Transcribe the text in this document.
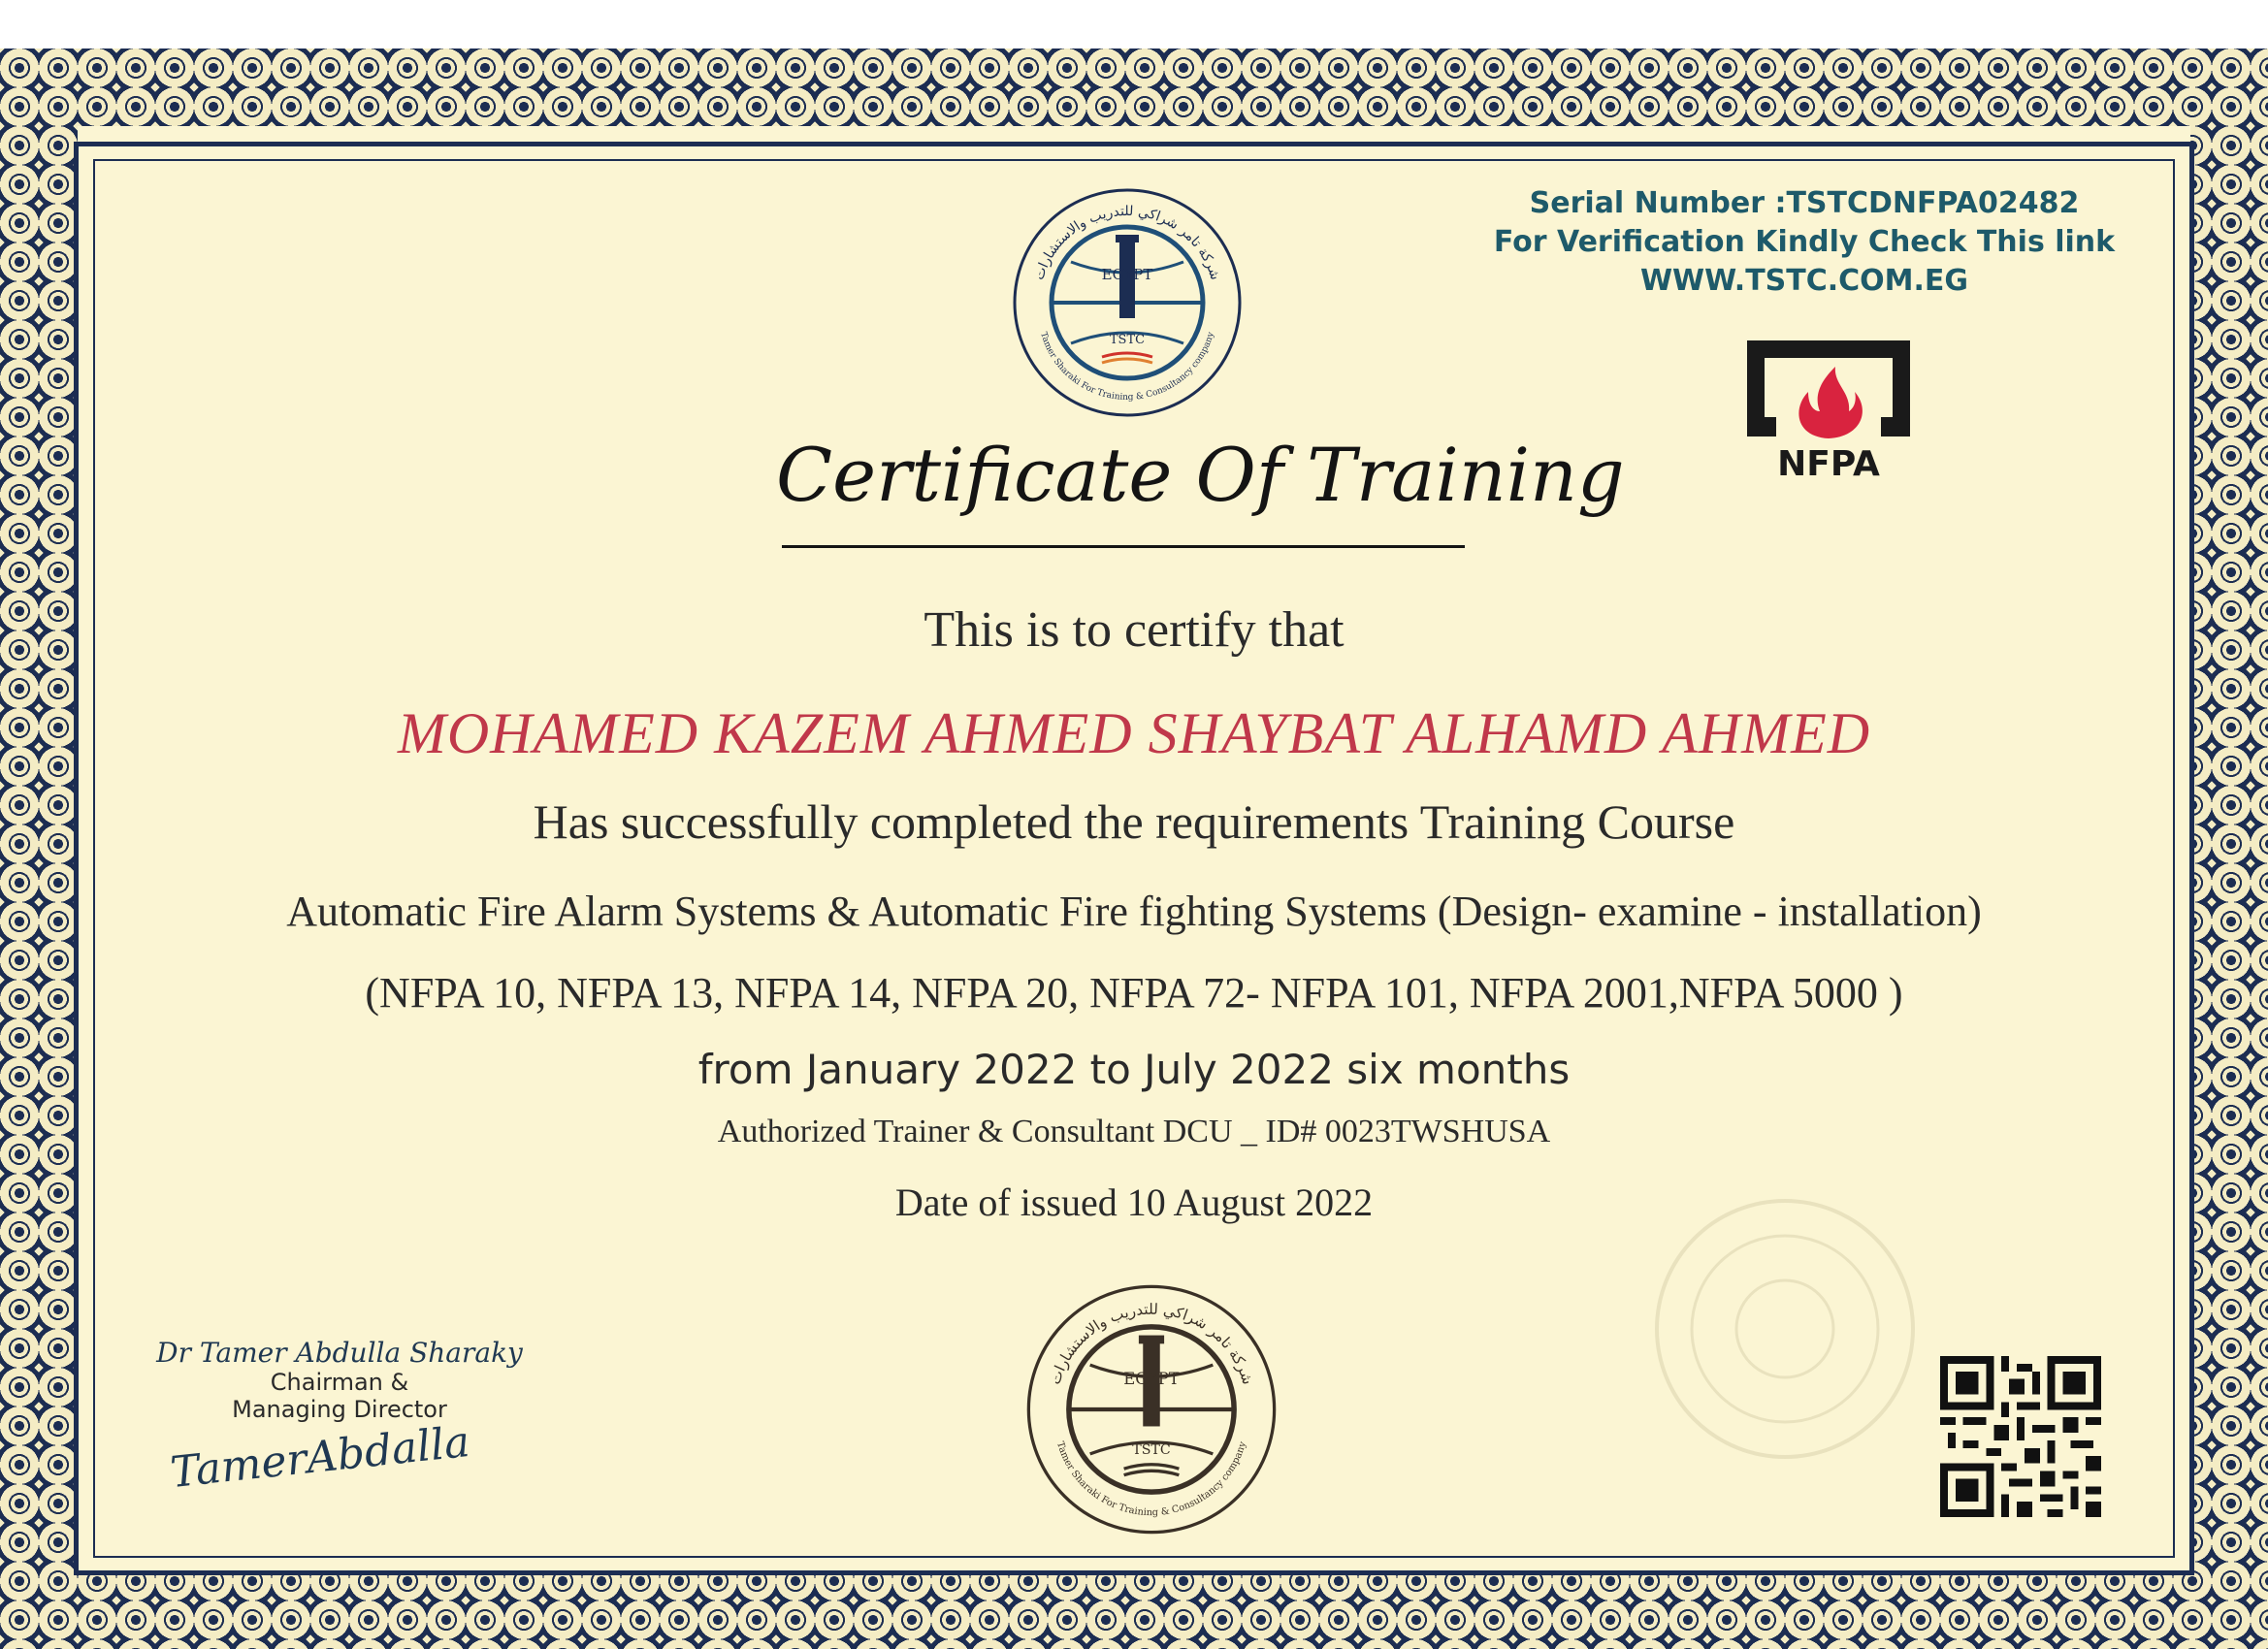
Serial Number :TSTCDNFPA02482
For Verification Kindly Check This link
WWW.TSTC.COM.EG
EGYPT
TSTC
شركة تامر شراكي للتدريب والاستشارات
Tamer Sharaki For Training & Consultancy company
NFPA
Certificate Of Training
This is to certify that
MOHAMED KAZEM AHMED SHAYBAT ALHAMD AHMED
Has successfully completed the requirements Training Course
Automatic Fire Alarm Systems & Automatic Fire fighting Systems (Design- examine - installation)
(NFPA 10, NFPA 13, NFPA 14, NFPA 20, NFPA 72- NFPA 101, NFPA 2001,NFPA 5000 )
from January 2022 to July 2022 six months
Authorized Trainer & Consultant DCU _ ID# 0023TWSHUSA
Date of issued 10 August 2022
Dr Tamer Abdulla Sharaky
Chairman &
Managing Director
TamerAbdalla
EGYPT
TSTC
شركة تامر شراكي للتدريب والاستشارات
Tamer Sharaki For Training & Consultancy company
